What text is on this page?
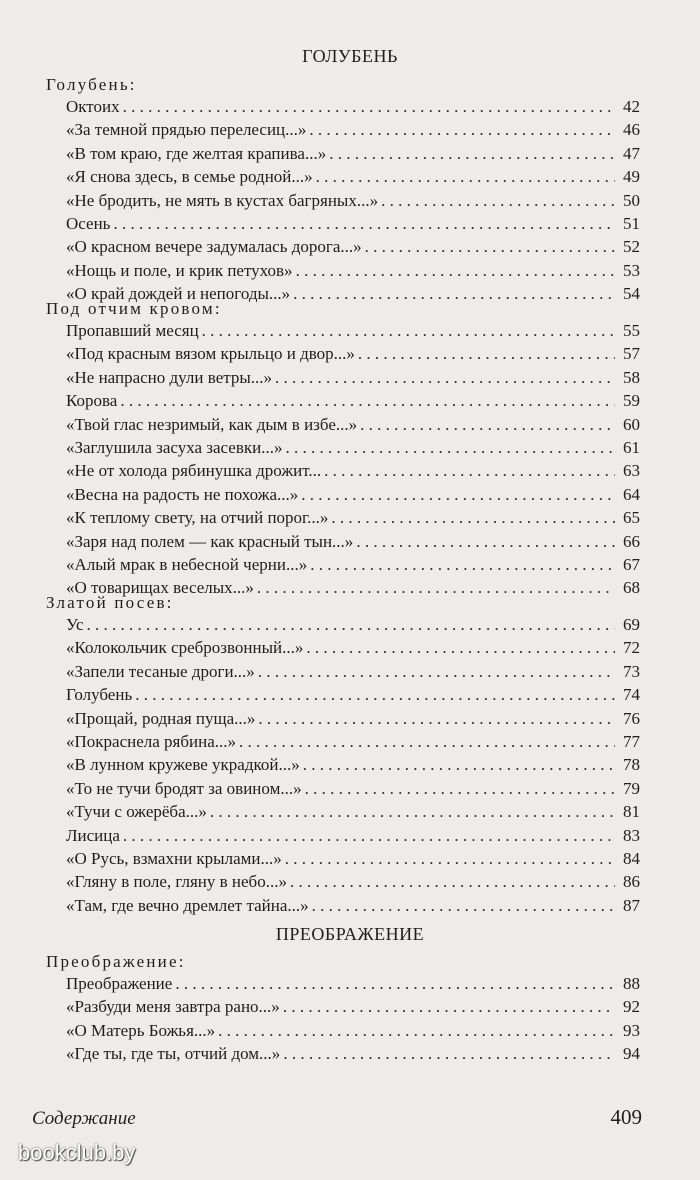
ГОЛУБЕНЬ
Голубень:
Октоих . . .	42
«За темной прядью перелесиц...» . . .	46
«В том краю, где желтая крапива...» . . .	47
«Я снова здесь, в семье родной...» . . .	49
«Не бродить, не мять в кустах багряных...» . . .	50
Осень . . .	51
«О красном вечере задумалась дорога...» . . .	52
«Нощь и поле, и крик петухов» . . .	53
«О край дождей и непогоды...» . . .	54
Под отчим кровом:
Пропавший месяц . . .	55
«Под красным вязом крыльцо и двор...» . . .	57
«Не напрасно дули ветры...» . . .	58
Корова . . .	59
«Твой глас незримый, как дым в избе...» . . .	60
«Заглушила засуха засевки...» . . .	61
«Не от холода рябинушка дрожит... . . .	63
«Весна на радость не похожа...» . . .	64
«К теплому свету, на отчий порог...» . . .	65
«Заря над полем — как красный тын...» . . .	66
«Алый мрак в небесной черни...» . . .	67
«О товарищах веселых...» . . .	68
Златой посев:
Ус . . .	69
«Колокольчик среброзвонный...» . . .	72
«Запели тесаные дроги...» . . .	73
Голубень . . .	74
«Прощай, родная пуща...» . . .	76
«Покраснела рябина...» . . .	77
«В лунном кружеве украдкой...» . . .	78
«То не тучи бродят за овином...» . . .	79
«Тучи с ожерёба...» . . .	81
Лисица . . .	83
«О Русь, взмахни крылами...» . . .	84
«Гляну в поле, гляну в небо...» . . .	86
«Там, где вечно дремлет тайна...» . . .	87
ПРЕОБРАЖЕНИЕ
Преображение:
Преображение . . .	88
«Разбуди меня завтра рано...» . . .	92
«О Матерь Божья...» . . .	93
«Где ты, где ты, отчий дом...» . . .	94
Содержание	409
bookclub.by
